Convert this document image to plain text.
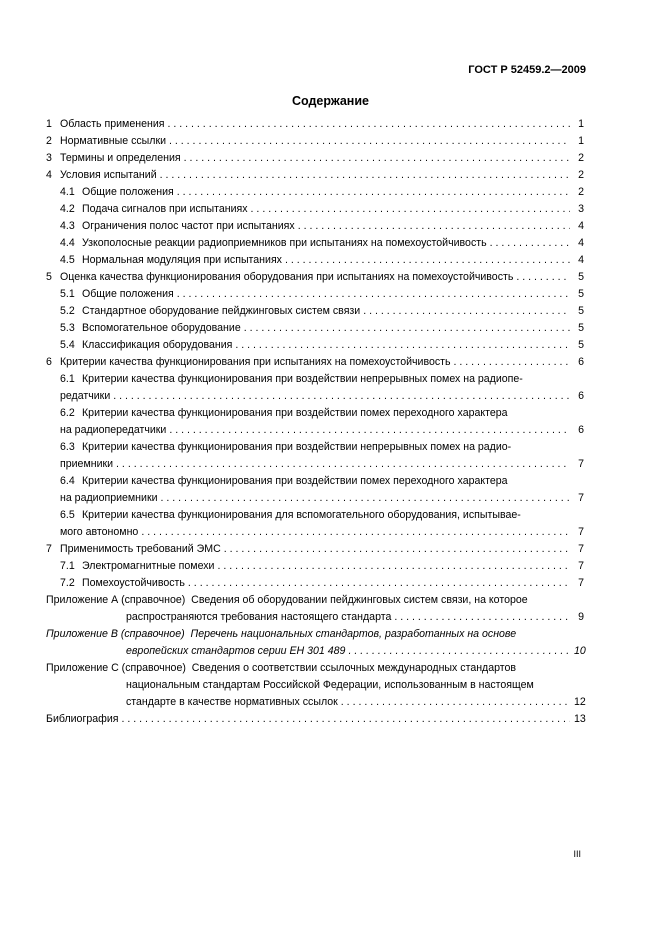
ГОСТ Р 52459.2—2009
Содержание
1 Область применения . . .	1
2 Нормативные ссылки . . .	1
3 Термины и определения . . .	2
4 Условия испытаний . . .	2
4.1 Общие положения . . .	2
4.2 Подача сигналов при испытаниях . . .	3
4.3 Ограничения полос частот при испытаниях . . .	4
4.4 Узкополосные реакции радиоприемников при испытаниях на помехоустойчивость . . .	4
4.5 Нормальная модуляция при испытаниях . . .	4
5 Оценка качества функционирования оборудования при испытаниях на помехоустойчивость . . .	5
5.1 Общие положения . . .	5
5.2 Стандартное оборудование пейджинговых систем связи . . .	5
5.3 Вспомогательное оборудование . . .	5
5.4 Классификация оборудования . . .	5
6 Критерии качества функционирования при испытаниях на помехоустойчивость . . .	6
6.1 Критерии качества функционирования при воздействии непрерывных помех на радиопе-
редатчики . . .	6
6.2 Критерии качества функционирования при воздействии помех переходного характера
на радиопередатчики . . .	6
6.3 Критерии качества функционирования при воздействии непрерывных помех на радио-
приемники . . .	7
6.4 Критерии качества функционирования при воздействии помех переходного характера
на радиоприемники . . .	7
6.5 Критерии качества функционирования для вспомогательного оборудования, испытывае-
мого автономно . . .	7
7 Применимость требований ЭМС . . .	7
7.1 Электромагнитные помехи . . .	7
7.2 Помехоустойчивость . . .	7
Приложение А (справочное)
Сведения об оборудовании пейджинговых систем связи, на которое
распространяются требования настоящего стандарта . . .	9
Приложение В (справочное)
Перечень национальных стандартов, разработанных на основе
европейских стандартов серии ЕН 301 489 . . .	10
Приложение С (справочное)
Сведения о соответствии ссылочных международных стандартов
национальным стандартам Российской Федерации, использованным в настоящем
стандарте в качестве нормативных ссылок . . .	12
Библиография . . .	13
III
